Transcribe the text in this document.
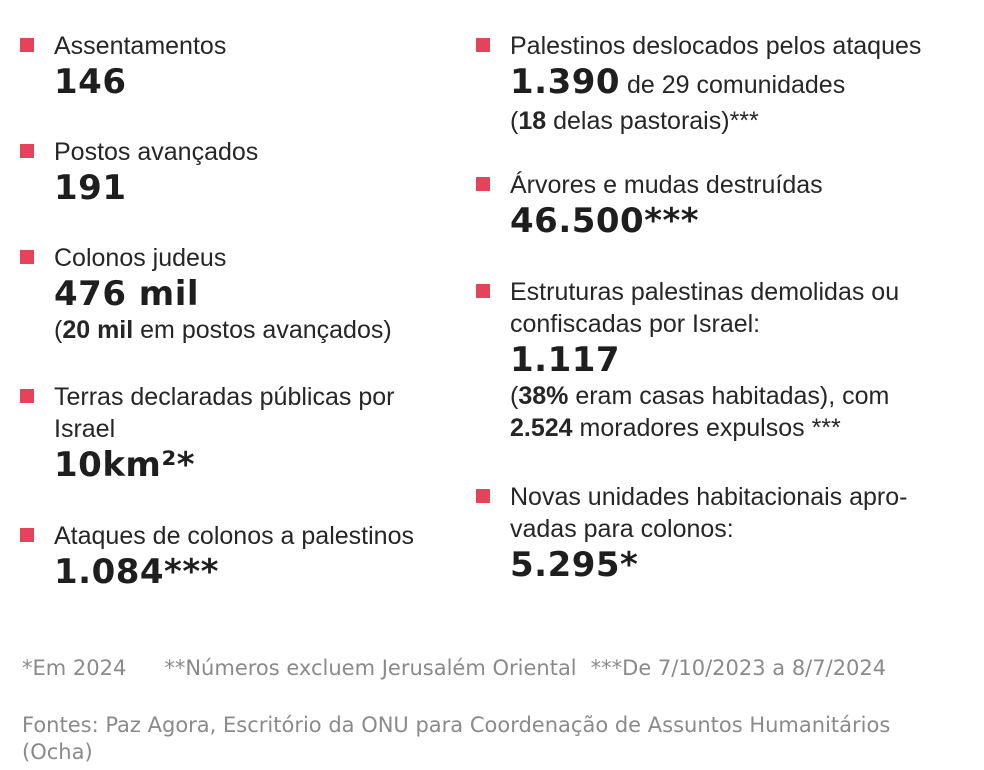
Assentamentos
146
Postos avançados
191
Colonos judeus
476 mil
(20 mil em postos avançados)
Terras declaradas públicas por
Israel
10km²*
Ataques de colonos a palestinos
1.084***
Palestinos deslocados pelos ataques
1.390 de 29 comunidades
(18 delas pastorais)***
Árvores e mudas destruídas
46.500***
Estruturas palestinas demolidas ou
confiscadas por Israel:
1.117
(38% eram casas habitadas), com
2.524 moradores expulsos ***
Novas unidades habitacionais apro-
vadas para colonos:
5.295*
*Em 2024 **Números excluem Jerusalém Oriental ***De 7/10/2023 a 8/7/2024
Fontes: Paz Agora, Escritório da ONU para Coordenação de Assuntos Humanitários
(Ocha)
